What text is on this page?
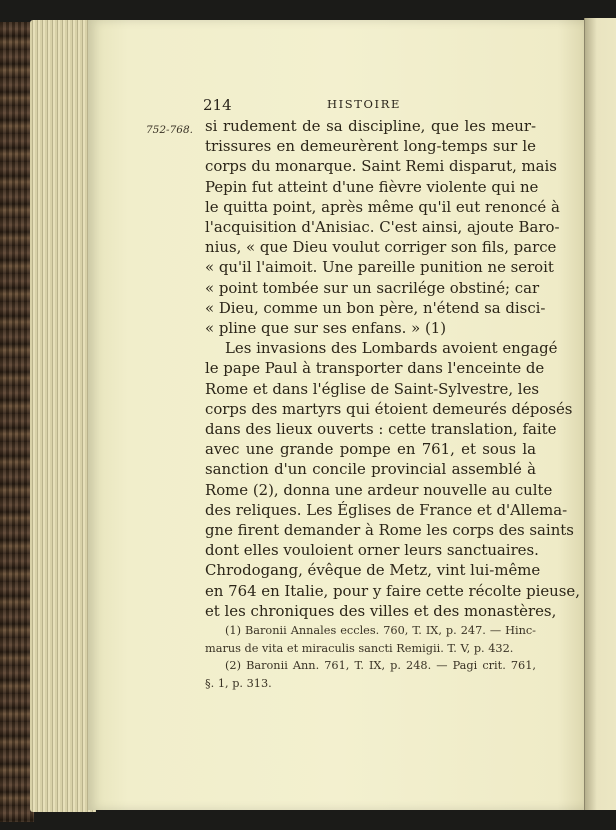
214	HISTOIRE
752-768. si rudement de sa discipline, que les meur-
trissures en demeurèrent long-temps sur le
corps du monarque. Saint Remi disparut, mais
Pepin fut atteint d'une fièvre violente qui ne
le quitta point, après même qu'il eut renoncé à
l'acquisition d'Anisiac. C'est ainsi, ajoute Baro-
nius, « que Dieu voulut corriger son fils, parce
« qu'il l'aimoit. Une pareille punition ne seroit
« point tombée sur un sacrilége obstiné; car
« Dieu, comme un bon père, n'étend sa disci-
« pline que sur ses enfans. » (1)
Les invasions des Lombards avoient engagé
le pape Paul à transporter dans l'enceinte de
Rome et dans l'église de Saint-Sylvestre, les
corps des martyrs qui étoient demeurés déposés
dans des lieux ouverts : cette translation, faite
avec une grande pompe en 761, et sous la
sanction d'un concile provincial assemblé à
Rome (2), donna une ardeur nouvelle au culte
des reliques. Les Églises de France et d'Allema-
gne firent demander à Rome les corps des saints
dont elles vouloient orner leurs sanctuaires.
Chrodogang, évêque de Metz, vint lui-même
en 764 en Italie, pour y faire cette récolte pieuse,
et les chroniques des villes et des monastères,
(1) Baronii Annales eccles. 760, T. IX, p. 247. — Hinc-
marus de vita et miraculis sancti Remigii. T. V, p. 432.
(2) Baronii Ann. 761, T. IX, p. 248. — Pagi crit. 761,
§. 1, p. 313.
